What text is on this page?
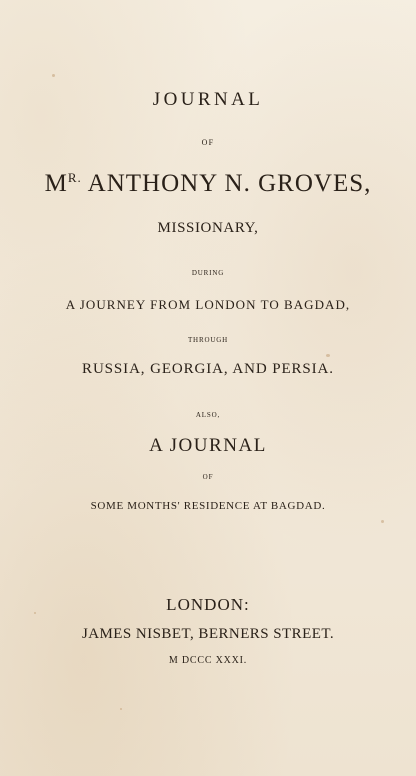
JOURNAL
OF
$M^{R.}$ ANTHONY N. GROVES,
MISSIONARY,
DURING
A JOURNEY FROM LONDON TO BAGDAD,
THROUGH
RUSSIA, GEORGIA, AND PERSIA.
ALSO,
A JOURNAL
OF
SOME MONTHS' RESIDENCE AT BAGDAD.
LONDON:
JAMES NISBET, BERNERS STREET.
M DCCC XXXI.
